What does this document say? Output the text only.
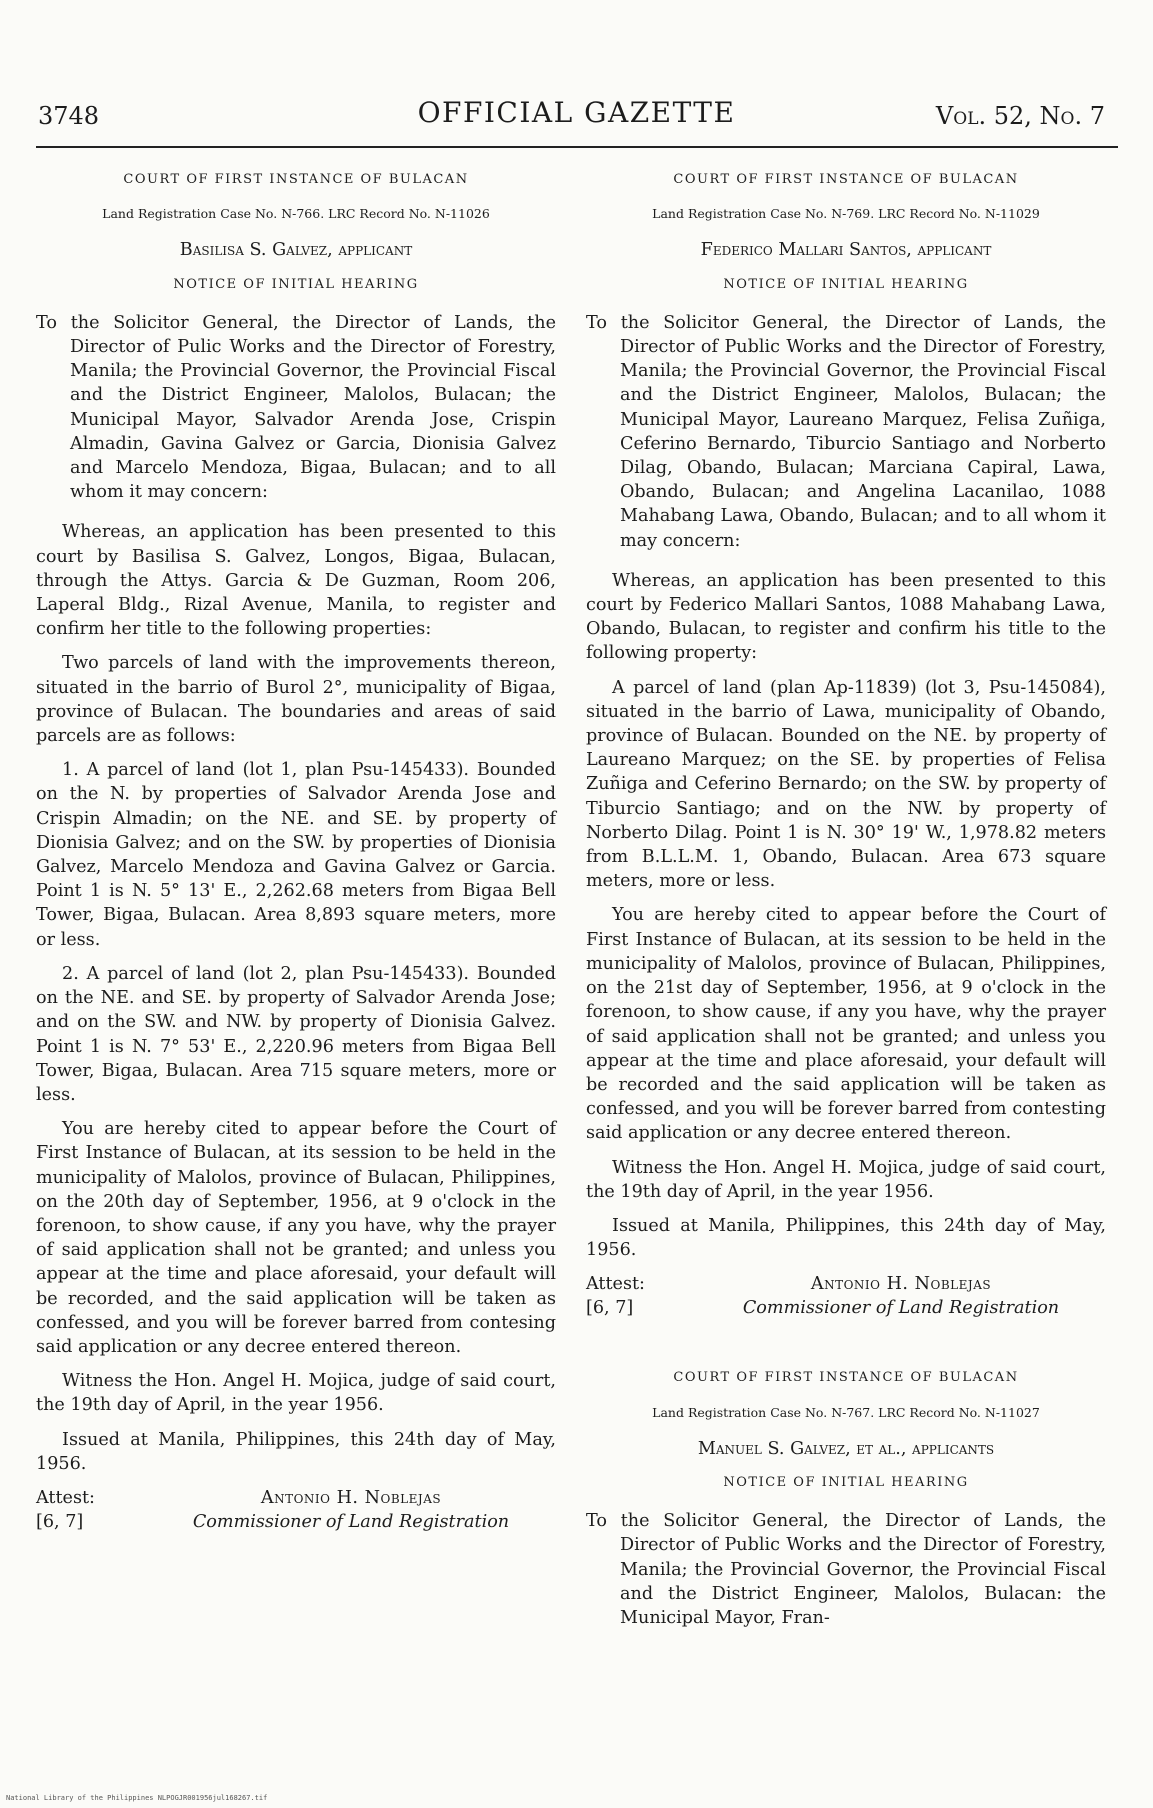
3748	OFFICIAL GAZETTE	Vol. 52, No. 7

COURT OF FIRST INSTANCE OF BULACAN

Land Registration Case No. N-766. LRC Record No. N-11026

Basilisa S. Galvez, applicant

NOTICE OF INITIAL HEARING

To the Solicitor General, the Director of Lands, the Director of Pulic Works and the Director of Forestry, Manila; the Provincial Governor, the Provincial Fiscal and the District Engineer, Malolos, Bulacan; the Municipal Mayor, Salvador Arenda Jose, Crispin Almadin, Gavina Galvez or Garcia, Dionisia Galvez and Marcelo Mendoza, Bigaa, Bulacan; and to all whom it may concern:

Whereas, an application has been presented to this court by Basilisa S. Galvez, Longos, Bigaa, Bulacan, through the Attys. Garcia & De Guzman, Room 206, Laperal Bldg., Rizal Avenue, Manila, to register and confirm her title to the following properties:

Two parcels of land with the improvements thereon, situated in the barrio of Burol 2°, municipality of Bigaa, province of Bulacan. The boundaries and areas of said parcels are as follows:

1. A parcel of land (lot 1, plan Psu-145433). Bounded on the N. by properties of Salvador Arenda Jose and Crispin Almadin; on the NE. and SE. by property of Dionisia Galvez; and on the SW. by properties of Dionisia Galvez, Marcelo Mendoza and Gavina Galvez or Garcia. Point 1 is N. 5° 13' E., 2,262.68 meters from Bigaa Bell Tower, Bigaa, Bulacan. Area 8,893 square meters, more or less.

2. A parcel of land (lot 2, plan Psu-145433). Bounded on the NE. and SE. by property of Salvador Arenda Jose; and on the SW. and NW. by property of Dionisia Galvez. Point 1 is N. 7° 53' E., 2,220.96 meters from Bigaa Bell Tower, Bigaa, Bulacan. Area 715 square meters, more or less.

You are hereby cited to appear before the Court of First Instance of Bulacan, at its session to be held in the municipality of Malolos, province of Bulacan, Philippines, on the 20th day of September, 1956, at 9 o'clock in the forenoon, to show cause, if any you have, why the prayer of said application shall not be granted; and unless you appear at the time and place aforesaid, your default will be recorded, and the said application will be taken as confessed, and you will be forever barred from contesing said application or any decree entered thereon.

Witness the Hon. Angel H. Mojica, judge of said court, the 19th day of April, in the year 1956.

Issued at Manila, Philippines, this 24th day of May, 1956.

Attest:
[6, 7]
Antonio H. Noblejas
Commissioner of Land Registration

COURT OF FIRST INSTANCE OF BULACAN

Land Registration Case No. N-769. LRC Record No. N-11029

Federico Mallari Santos, applicant

NOTICE OF INITIAL HEARING

To the Solicitor General, the Director of Lands, the Director of Public Works and the Director of Forestry, Manila; the Provincial Governor, the Provincial Fiscal and the District Engineer, Malolos, Bulacan; the Municipal Mayor, Laureano Marquez, Felisa Zuñiga, Ceferino Bernardo, Tiburcio Santiago and Norberto Dilag, Obando, Bulacan; Marciana Capiral, Lawa, Obando, Bulacan; and Angelina Lacanilao, 1088 Mahabang Lawa, Obando, Bulacan; and to all whom it may concern:

Whereas, an application has been presented to this court by Federico Mallari Santos, 1088 Mahabang Lawa, Obando, Bulacan, to register and confirm his title to the following property:

A parcel of land (plan Ap-11839) (lot 3, Psu-145084), situated in the barrio of Lawa, municipality of Obando, province of Bulacan. Bounded on the NE. by property of Laureano Marquez; on the SE. by properties of Felisa Zuñiga and Ceferino Bernardo; on the SW. by property of Tiburcio Santiago; and on the NW. by property of Norberto Dilag. Point 1 is N. 30° 19' W., 1,978.82 meters from B.L.L.M. 1, Obando, Bulacan. Area 673 square meters, more or less.

You are hereby cited to appear before the Court of First Instance of Bulacan, at its session to be held in the municipality of Malolos, province of Bulacan, Philippines, on the 21st day of September, 1956, at 9 o'clock in the forenoon, to show cause, if any you have, why the prayer of said application shall not be granted; and unless you appear at the time and place aforesaid, your default will be recorded and the said application will be taken as confessed, and you will be forever barred from contesting said application or any decree entered thereon.

Witness the Hon. Angel H. Mojica, judge of said court, the 19th day of April, in the year 1956.

Issued at Manila, Philippines, this 24th day of May, 1956.

Attest:
[6, 7]
Antonio H. Noblejas
Commissioner of Land Registration

COURT OF FIRST INSTANCE OF BULACAN

Land Registration Case No. N-767. LRC Record No. N-11027

Manuel S. Galvez, et al., applicants

NOTICE OF INITIAL HEARING

To the Solicitor General, the Director of Lands, the Director of Public Works and the Director of Forestry, Manila; the Provincial Governor, the Provincial Fiscal and the District Engineer, Malolos, Bulacan: the Municipal Mayor, Fran-

National Library of the Philippines NLPOGJR001956jul168267.tif
